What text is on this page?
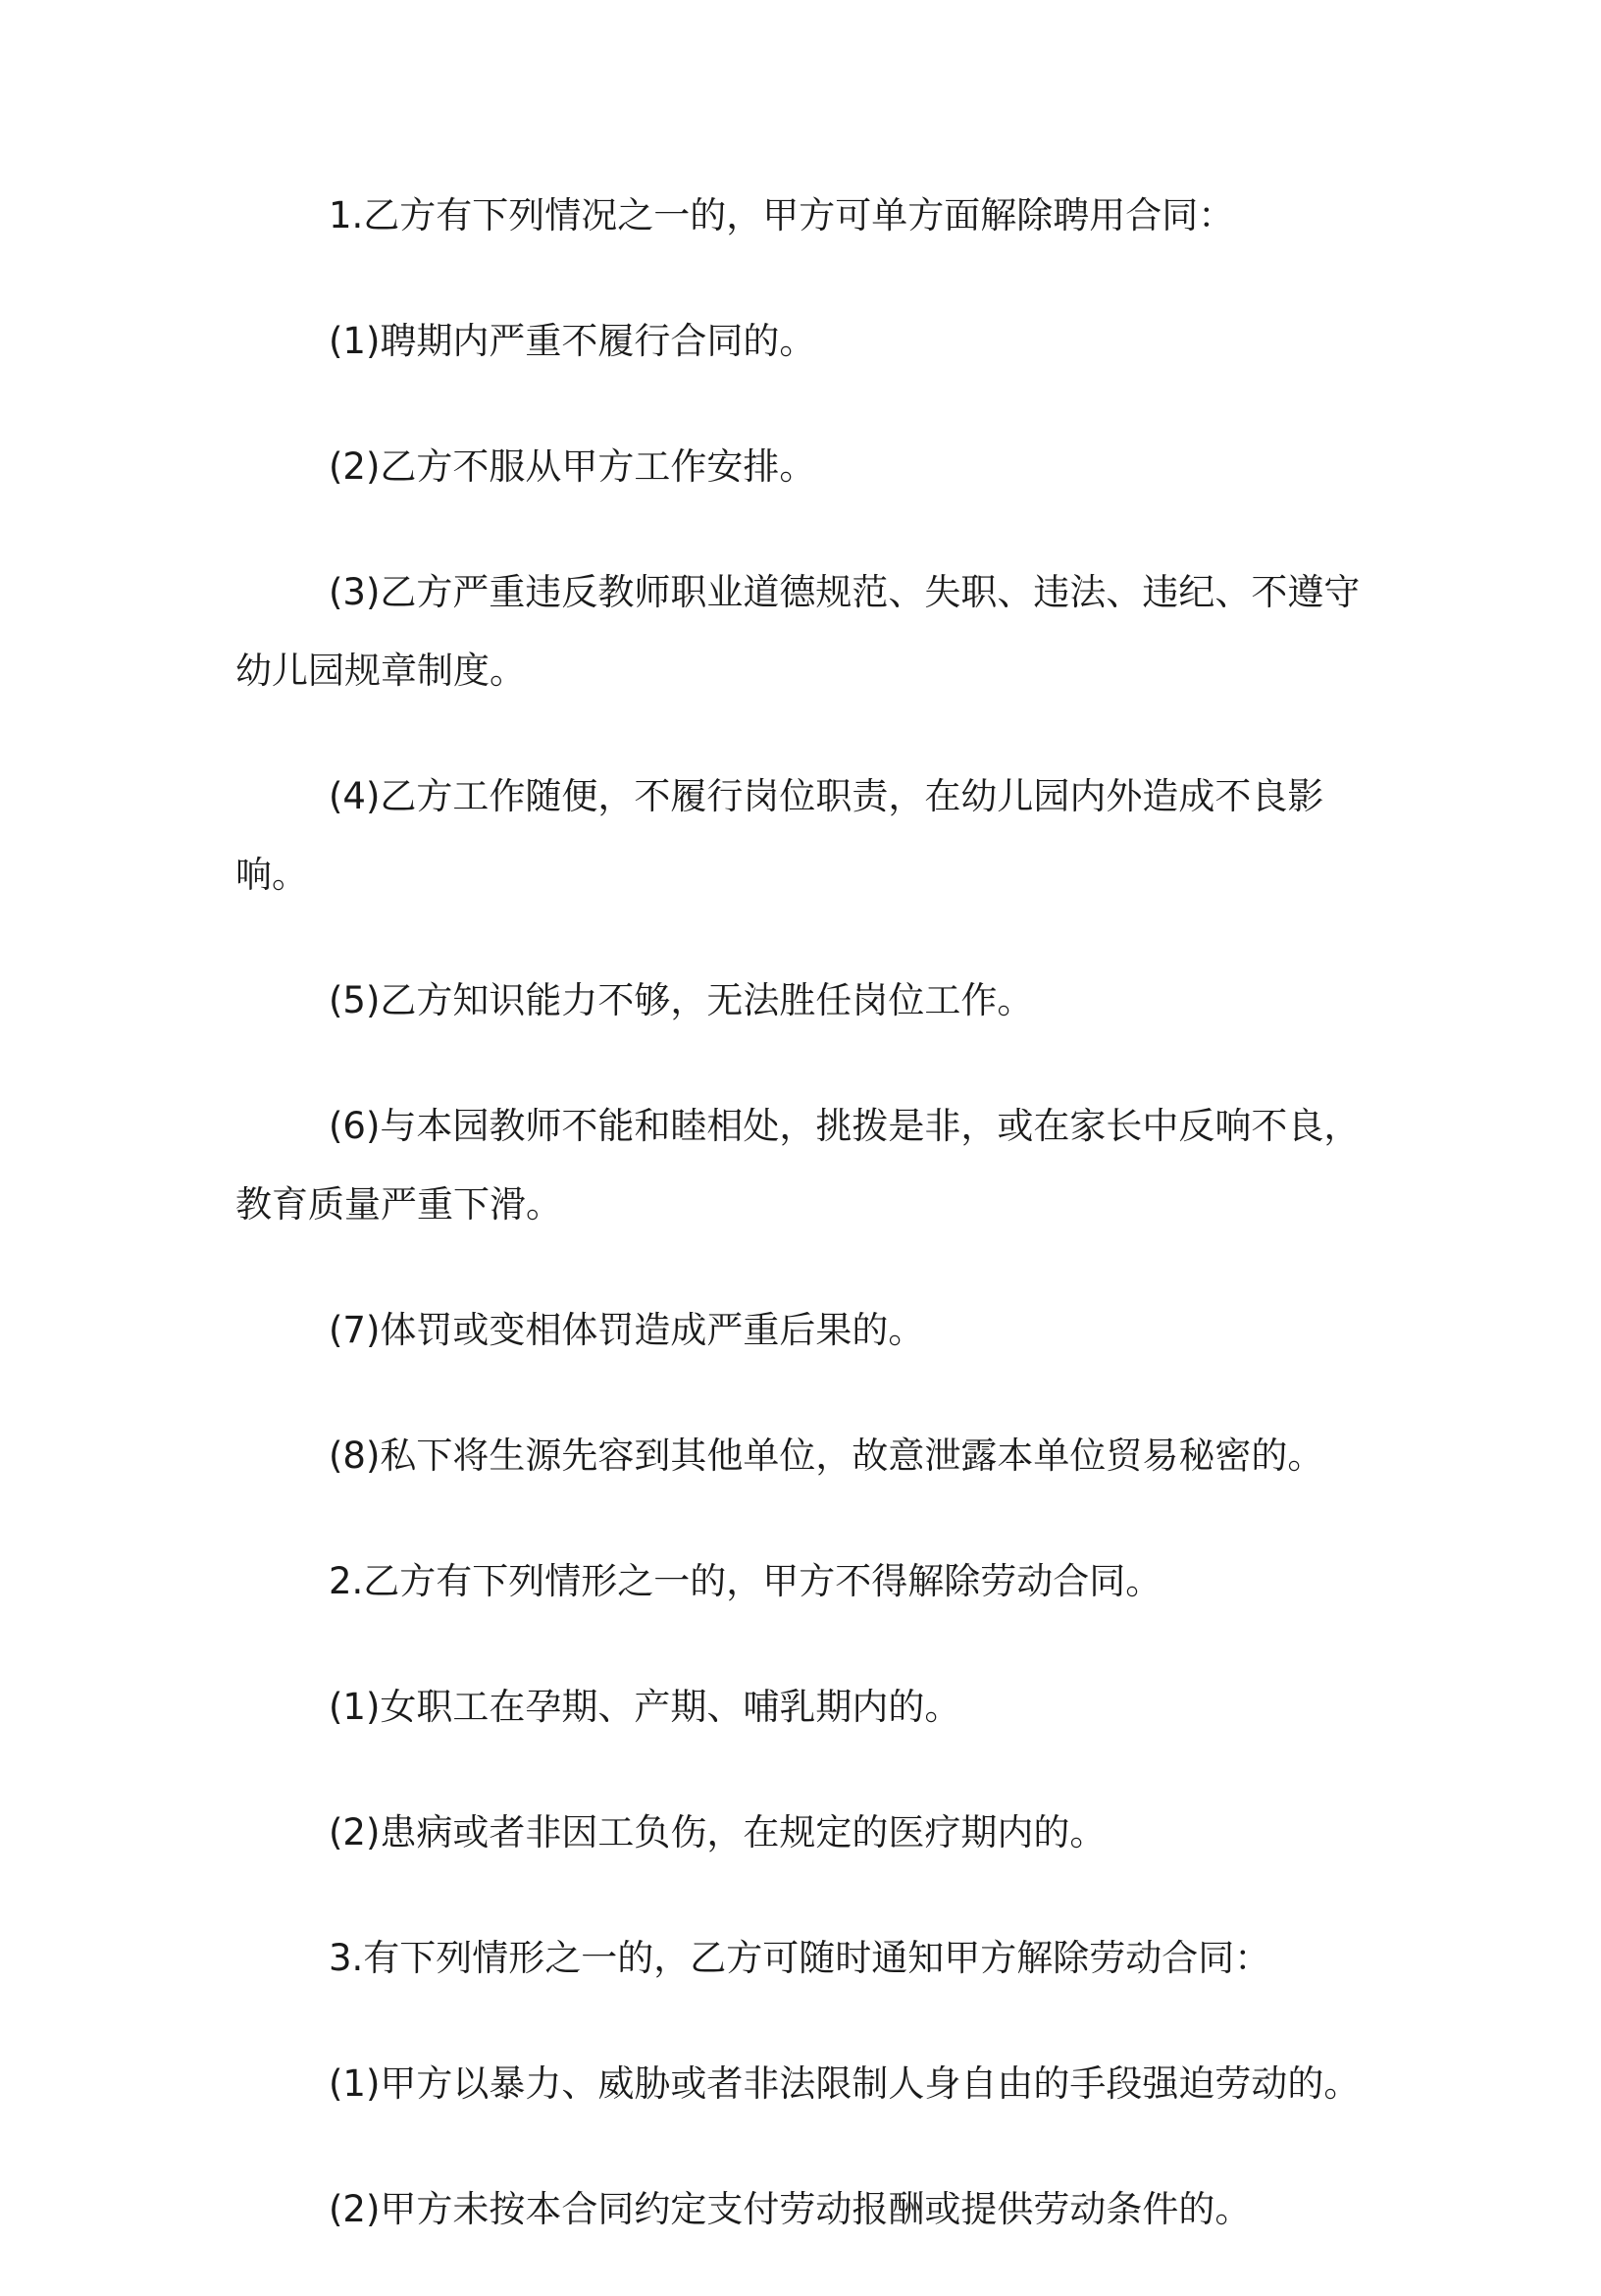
1.乙方有下列情况之一的，甲方可单方面解除聘用合同：

(1)聘期内严重不履行合同的。

(2)乙方不服从甲方工作安排。

(3)乙方严重违反教师职业道德规范、失职、违法、违纪、不遵守幼儿园规章制度。

(4)乙方工作随便，不履行岗位职责，在幼儿园内外造成不良影响。

(5)乙方知识能力不够，无法胜任岗位工作。

(6)与本园教师不能和睦相处，挑拨是非，或在家长中反响不良，教育质量严重下滑。

(7)体罚或变相体罚造成严重后果的。

(8)私下将生源先容到其他单位，故意泄露本单位贸易秘密的。

2.乙方有下列情形之一的，甲方不得解除劳动合同。

(1)女职工在孕期、产期、哺乳期内的。

(2)患病或者非因工负伤，在规定的医疗期内的。

3.有下列情形之一的，乙方可随时通知甲方解除劳动合同：

(1)甲方以暴力、威胁或者非法限制人身自由的手段强迫劳动的。

(2)甲方未按本合同约定支付劳动报酬或提供劳动条件的。
